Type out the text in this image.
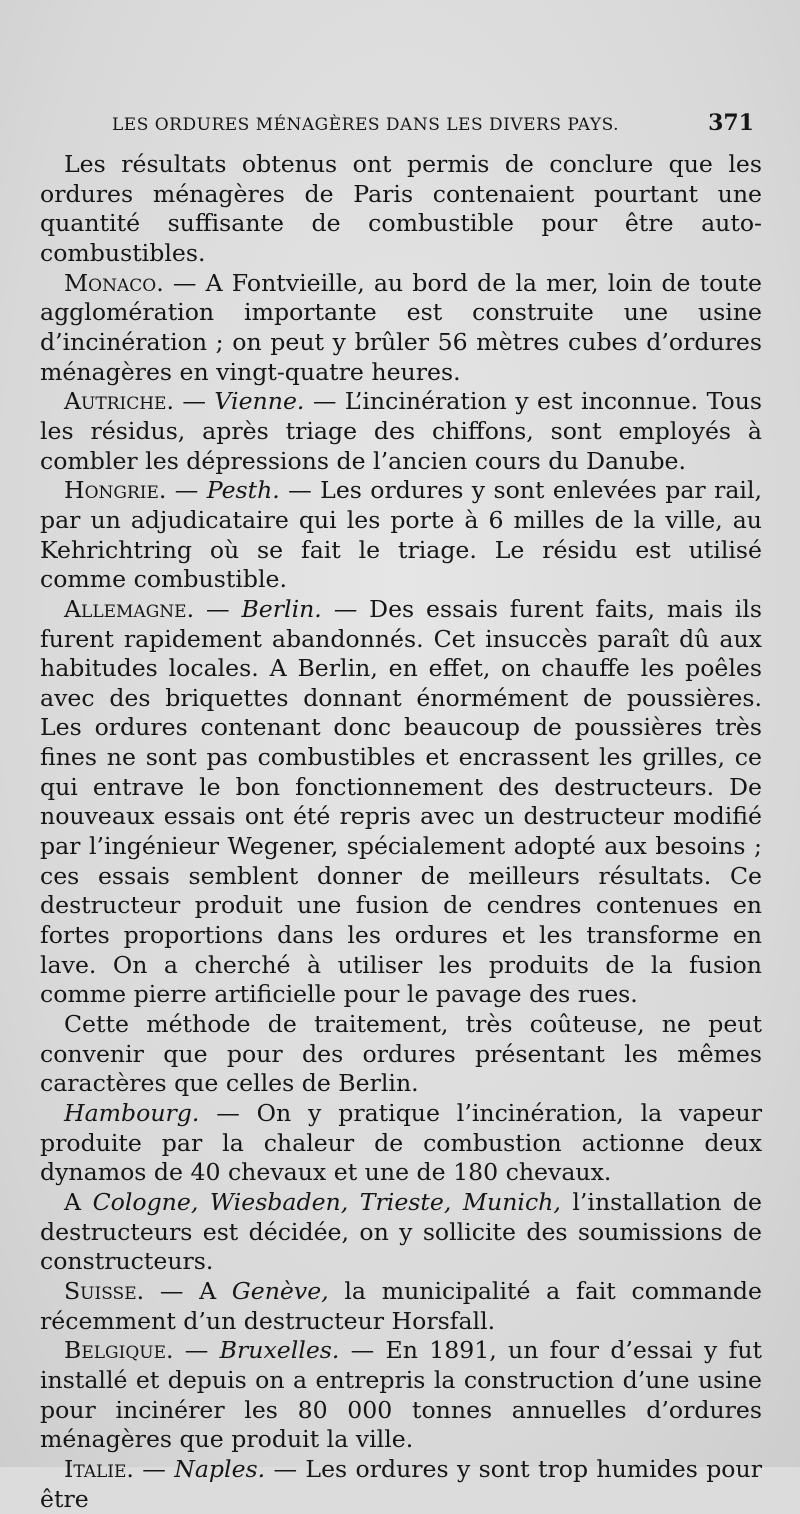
LES ORDURES MÉNAGÈRES DANS LES DIVERS PAYS.	371

Les résultats obtenus ont permis de conclure que les ordures ménagères de Paris contenaient pourtant une quantité suffisante de combustible pour être auto-combustibles.

Monaco. — A Fontvieille, au bord de la mer, loin de toute agglomération importante est construite une usine d’incinération ; on peut y brûler 56 mètres cubes d’ordures ménagères en vingt-quatre heures.

Autriche. — Vienne. — L’incinération y est inconnue. Tous les résidus, après triage des chiffons, sont employés à combler les dépressions de l’ancien cours du Danube.

Hongrie. — Pesth. — Les ordures y sont enlevées par rail, par un adjudicataire qui les porte à 6 milles de la ville, au Kehrichtring où se fait le triage. Le résidu est utilisé comme combustible.

Allemagne. — Berlin. — Des essais furent faits, mais ils furent rapidement abandonnés. Cet insuccès paraît dû aux habitudes locales. A Berlin, en effet, on chauffe les poêles avec des briquettes donnant énormément de poussières. Les ordures contenant donc beaucoup de poussières très fines ne sont pas combustibles et encrassent les grilles, ce qui entrave le bon fonctionnement des destructeurs. De nouveaux essais ont été repris avec un destructeur modifié par l’ingénieur Wegener, spécialement adopté aux besoins ; ces essais semblent donner de meilleurs résultats. Ce destructeur produit une fusion de cendres contenues en fortes proportions dans les ordures et les transforme en lave. On a cherché à utiliser les produits de la fusion comme pierre artificielle pour le pavage des rues.

Cette méthode de traitement, très coûteuse, ne peut convenir que pour des ordures présentant les mêmes caractères que celles de Berlin.

Hambourg. — On y pratique l’incinération, la vapeur produite par la chaleur de combustion actionne deux dynamos de 40 chevaux et une de 180 chevaux.

A Cologne, Wiesbaden, Trieste, Munich, l’installation de destructeurs est décidée, on y sollicite des soumissions de constructeurs.

Suisse. — A Genève, la municipalité a fait commande récemment d’un destructeur Horsfall.

Belgique. — Bruxelles. — En 1891, un four d’essai y fut installé et depuis on a entrepris la construction d’une usine pour incinérer les 80 000 tonnes annuelles d’ordures ménagères que produit la ville.

Italie. — Naples. — Les ordures y sont trop humides pour être
